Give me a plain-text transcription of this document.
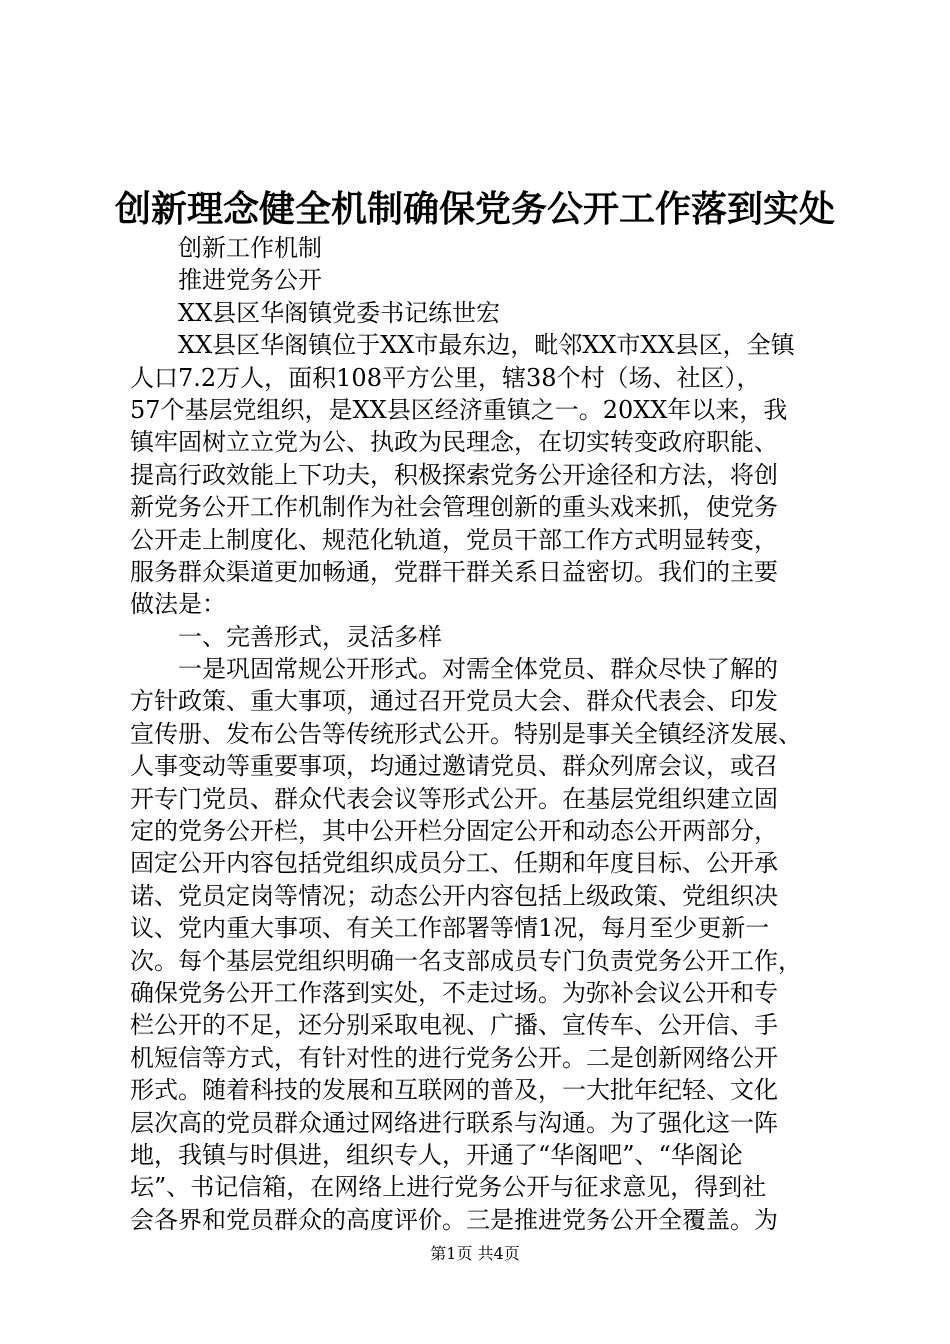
创新理念健全机制确保党务公开工作落到实处

创新工作机制

推进党务公开

XX县区华阁镇党委书记练世宏

XX县区华阁镇位于XX市最东边，毗邻XX市XX县区，全镇

人口7.2万人，面积108平方公里，辖38个村（场、社区），

57个基层党组织，是XX县区经济重镇之一。20XX年以来，我

镇牢固树立立党为公、执政为民理念，在切实转变政府职能、

提高行政效能上下功夫，积极探索党务公开途径和方法，将创

新党务公开工作机制作为社会管理创新的重头戏来抓，使党务

公开走上制度化、规范化轨道，党员干部工作方式明显转变，

服务群众渠道更加畅通，党群干群关系日益密切。我们的主要

做法是：

一、完善形式，灵活多样

一是巩固常规公开形式。对需全体党员、群众尽快了解的

方针政策、重大事项，通过召开党员大会、群众代表会、印发

宣传册、发布公告等传统形式公开。特别是事关全镇经济发展、

人事变动等重要事项，均通过邀请党员、群众列席会议，或召

开专门党员、群众代表会议等形式公开。在基层党组织建立固

定的党务公开栏，其中公开栏分固定公开和动态公开两部分，

固定公开内容包括党组织成员分工、任期和年度目标、公开承

诺、党员定岗等情况；动态公开内容包括上级政策、党组织决

议、党内重大事项、有关工作部署等情1况，每月至少更新一

次。每个基层党组织明确一名支部成员专门负责党务公开工作，

确保党务公开工作落到实处，不走过场。为弥补会议公开和专

栏公开的不足，还分别采取电视、广播、宣传车、公开信、手

机短信等方式，有针对性的进行党务公开。二是创新网络公开

形式。随着科技的发展和互联网的普及，一大批年纪轻、文化

层次高的党员群众通过网络进行联系与沟通。为了强化这一阵

地，我镇与时俱进，组织专人，开通了“华阁吧”、“华阁论

坛”、书记信箱，在网络上进行党务公开与征求意见，得到社

会各界和党员群众的高度评价。三是推进党务公开全覆盖。为

第1页 共4页
